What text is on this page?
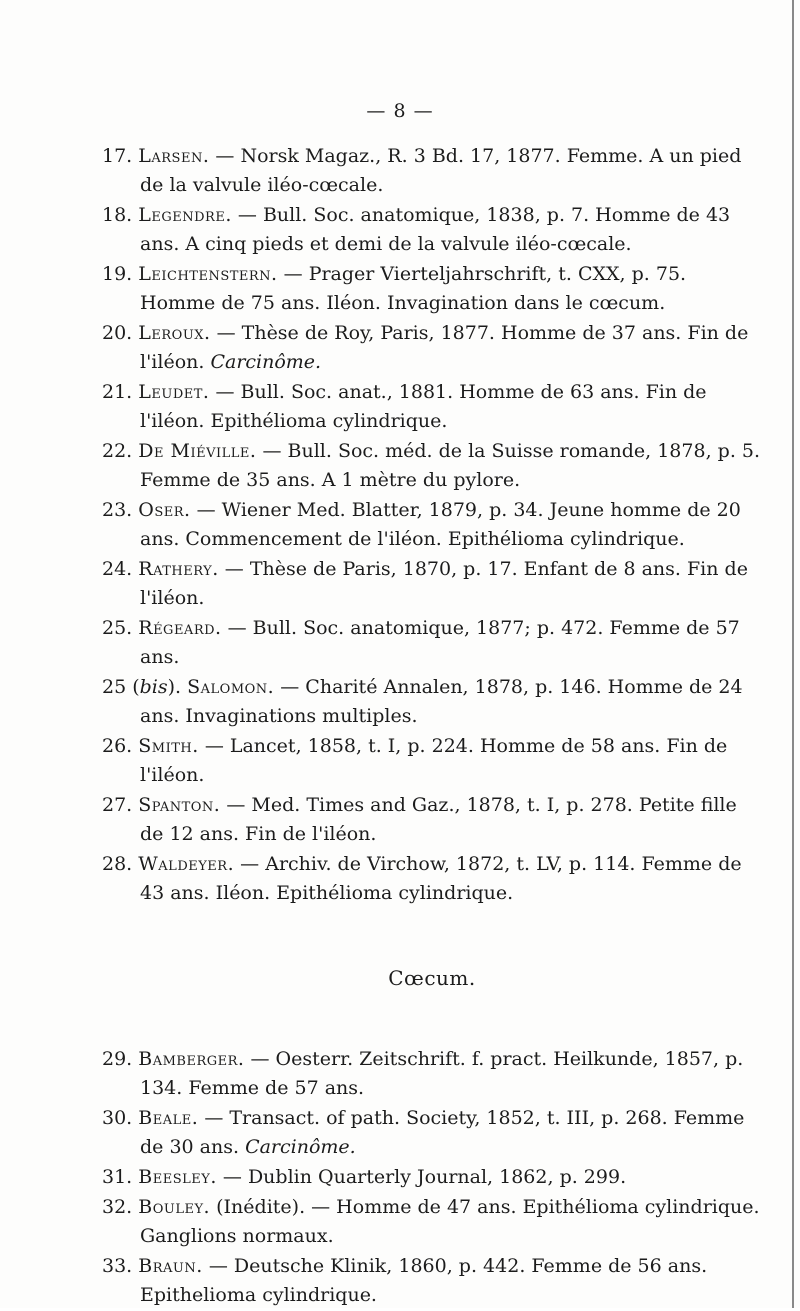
— 8 —

17. Larsen. — Norsk Magaz., R. 3 Bd. 17, 1877. Femme. A un pied de la valvule iléo-cœcale.

18. Legendre. — Bull. Soc. anatomique, 1838, p. 7. Homme de 43 ans. A cinq pieds et demi de la valvule iléo-cœcale.

19. Leichtenstern. — Prager Vierteljahrschrift, t. CXX, p. 75. Homme de 75 ans. Iléon. Invagination dans le cœcum.

20. Leroux. — Thèse de Roy, Paris, 1877. Homme de 37 ans. Fin de l'iléon. Carcinôme.

21. Leudet. — Bull. Soc. anat., 1881. Homme de 63 ans. Fin de l'iléon. Epithélioma cylindrique.

22. De Miéville. — Bull. Soc. méd. de la Suisse romande, 1878, p. 5. Femme de 35 ans. A 1 mètre du pylore.

23. Oser. — Wiener Med. Blatter, 1879, p. 34. Jeune homme de 20 ans. Commencement de l'iléon. Epithélioma cylindrique.

24. Rathery. — Thèse de Paris, 1870, p. 17. Enfant de 8 ans. Fin de l'iléon.

25. Régeard. — Bull. Soc. anatomique, 1877; p. 472. Femme de 57 ans.

25 (bis). Salomon. — Charité Annalen, 1878, p. 146. Homme de 24 ans. Invaginations multiples.

26. Smith. — Lancet, 1858, t. I, p. 224. Homme de 58 ans. Fin de l'iléon.

27. Spanton. — Med. Times and Gaz., 1878, t. I, p. 278. Petite fille de 12 ans. Fin de l'iléon.

28. Waldeyer. — Archiv. de Virchow, 1872, t. LV, p. 114. Femme de 43 ans. Iléon. Epithélioma cylindrique.

Cœcum.

29. Bamberger. — Oesterr. Zeitschrift. f. pract. Heilkunde, 1857, p. 134. Femme de 57 ans.

30. Beale. — Transact. of path. Society, 1852, t. III, p. 268. Femme de 30 ans. Carcinôme.

31. Beesley. — Dublin Quarterly Journal, 1862, p. 299.

32. Bouley. (Inédite). — Homme de 47 ans. Epithélioma cylindrique. Ganglions normaux.

33. Braun. — Deutsche Klinik, 1860, p. 442. Femme de 56 ans. Epithelioma cylindrique.
